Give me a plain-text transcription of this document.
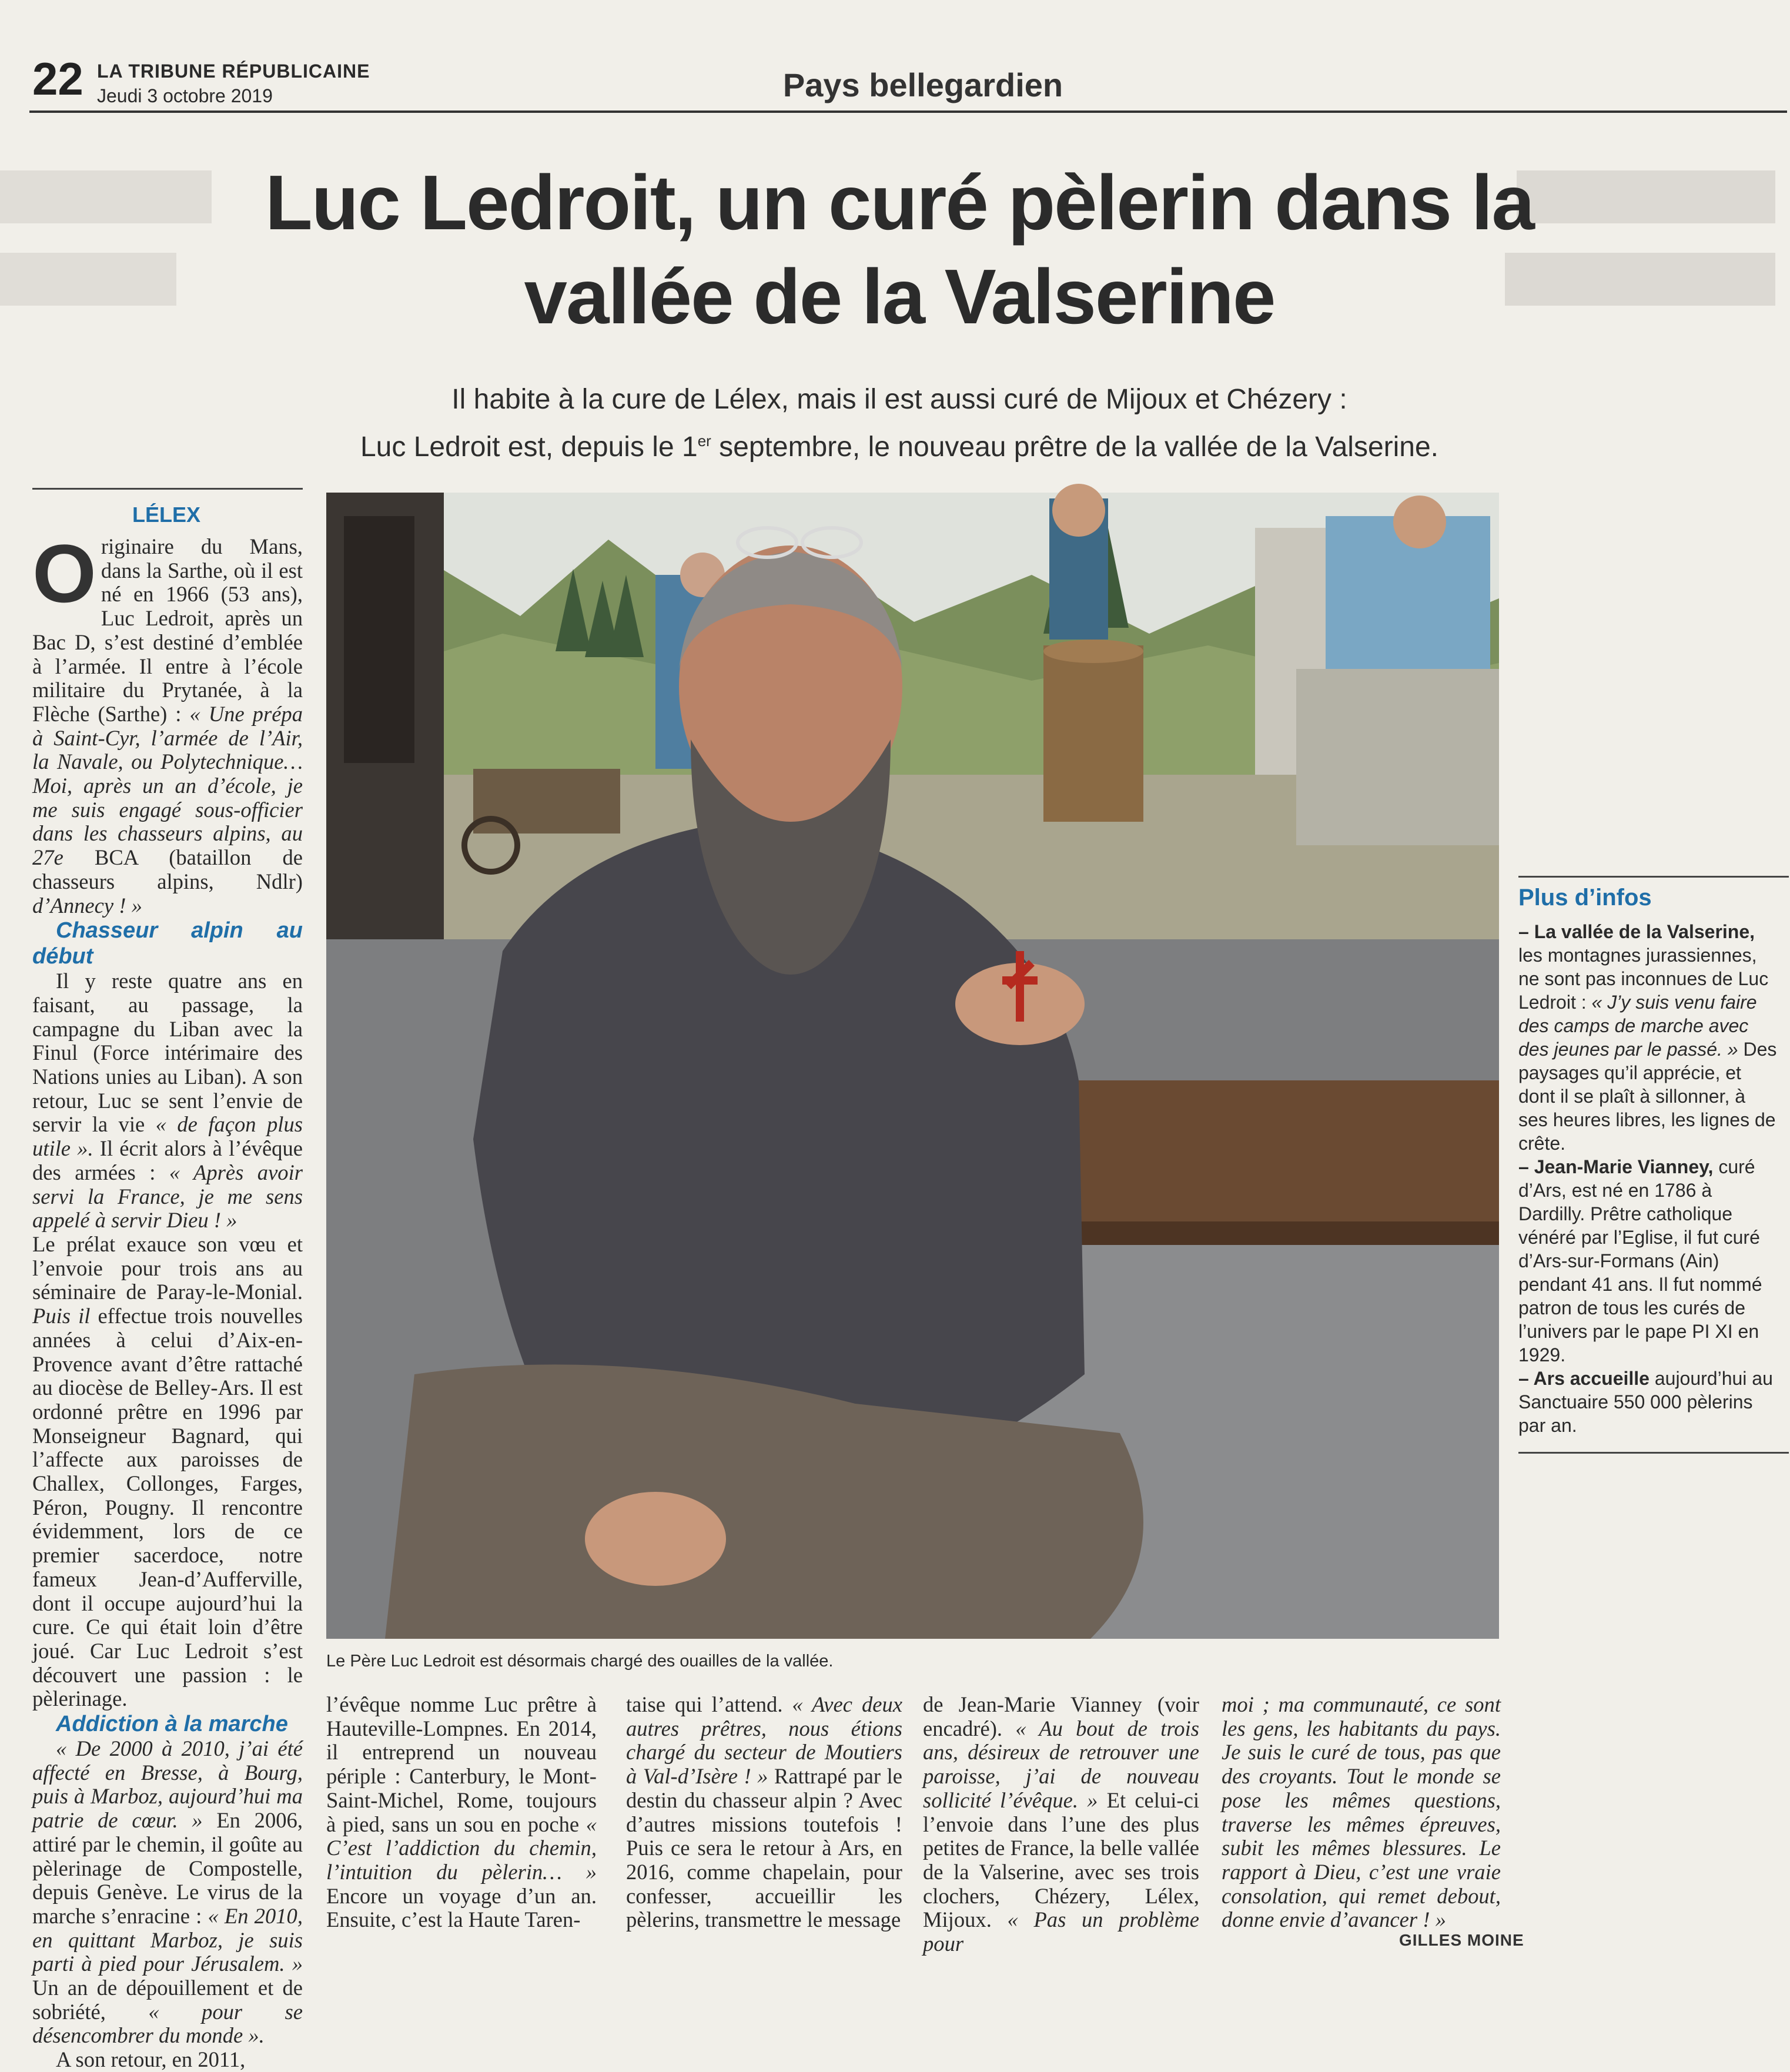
22 LA TRIBUNE RÉPUBLICAINE
Jeudi 3 octobre 2019	Pays bellegardien
Luc Ledroit, un curé pèlerin dans la vallée de la Valserine
Il habite à la cure de Lélex, mais il est aussi curé de Mijoux et Chézery :
Luc Ledroit est, depuis le 1er septembre, le nouveau prêtre de la vallée de la Valserine.
LÉLEX

Originaire du Mans, dans la Sarthe, où il est né en 1966 (53 ans), Luc Ledroit, après un Bac D, s’est destiné d’emblée à l’armée. Il entre à l’école militaire du Prytanée, à la Flèche (Sarthe) : « Une prépa à Saint-Cyr, l’armée de l’Air, la Navale, ou Polytechnique… Moi, après un an d’école, je me suis engagé sous-officier dans les chasseurs alpins, au 27e BCA (bataillon de chasseurs alpins, Ndlr) d’Annecy ! »

Chasseur alpin au début

Il y reste quatre ans en faisant, au passage, la campagne du Liban avec la Finul (Force intérimaire des Nations unies au Liban). A son retour, Luc se sent l’envie de servir la vie « de façon plus utile ». Il écrit alors à l’évêque des armées : « Après avoir servi la France, je me sens appelé à servir Dieu ! »

Le prélat exauce son vœu et l’envoie pour trois ans au séminaire de Paray-le-Monial. Puis il effectue trois nouvelles années à celui d’Aix-en-Provence avant d’être rattaché au diocèse de Belley-Ars. Il est ordonné prêtre en 1996 par Monseigneur Bagnard, qui l’affecte aux paroisses de Challex, Collonges, Farges, Péron, Pougny. Il rencontre évidemment, lors de ce premier sacerdoce, notre fameux Jean-d’Aufferville, dont il occupe aujourd’hui la cure. Ce qui était loin d’être joué. Car Luc Ledroit s’est découvert une passion : le pèlerinage.

Addiction à la marche

« De 2000 à 2010, j’ai été affecté en Bresse, à Bourg, puis à Marboz, aujourd’hui ma patrie de cœur. » En 2006, attiré par le chemin, il goûte au pèlerinage de Compostelle, depuis Genève. Le virus de la marche s’enracine : « En 2010, en quittant Marboz, je suis parti à pied pour Jérusalem. » Un an de dépouillement et de sobriété, « pour se désencombrer du monde ».

A son retour, en 2011,

Le Père Luc Ledroit est désormais chargé des ouailles de la vallée.

l’évêque nomme Luc prêtre à Hauteville-Lompnes. En 2014, il entreprend un nouveau périple : Canterbury, le Mont-Saint-Michel, Rome, toujours à pied, sans un sou en poche « C’est l’addiction du chemin, l’intuition du pèlerin… » Encore un voyage d’un an. Ensuite, c’est la Haute Taren-

taise qui l’attend. « Avec deux autres prêtres, nous étions chargé du secteur de Moutiers à Val-d’Isère ! » Rattrapé par le destin du chasseur alpin ? Avec d’autres missions toutefois ! Puis ce sera le retour à Ars, en 2016, comme chapelain, pour confesser, accueillir les pèlerins, transmettre le message

de Jean-Marie Vianney (voir encadré). « Au bout de trois ans, désireux de retrouver une paroisse, j’ai de nouveau sollicité l’évêque. » Et celui-ci l’envoie dans l’une des plus petites de France, la belle vallée de la Valserine, avec ses trois clochers, Chézery, Lélex, Mijoux. « Pas un problème pour

moi ; ma communauté, ce sont les gens, les habitants du pays. Je suis le curé de tous, pas que des croyants. Tout le monde se pose les mêmes questions, traverse les mêmes épreuves, subit les mêmes blessures. Le rapport à Dieu, c’est une vraie consolation, qui remet debout, donne envie d’avancer ! »

GILLES MOINE
Plus d’infos

– La vallée de la Valserine, les montagnes jurassiennes, ne sont pas inconnues de Luc Ledroit : « J’y suis venu faire des camps de marche avec des jeunes par le passé. » Des paysages qu’il apprécie, et dont il se plaît à sillonner, à ses heures libres, les lignes de crête.

– Jean-Marie Vianney, curé d’Ars, est né en 1786 à Dardilly. Prêtre catholique vénéré par l’Eglise, il fut curé d’Ars-sur-Formans (Ain) pendant 41 ans. Il fut nommé patron de tous les curés de l’univers par le pape PI XI en 1929.

– Ars accueille aujourd’hui au Sanctuaire 550 000 pèlerins par an.
